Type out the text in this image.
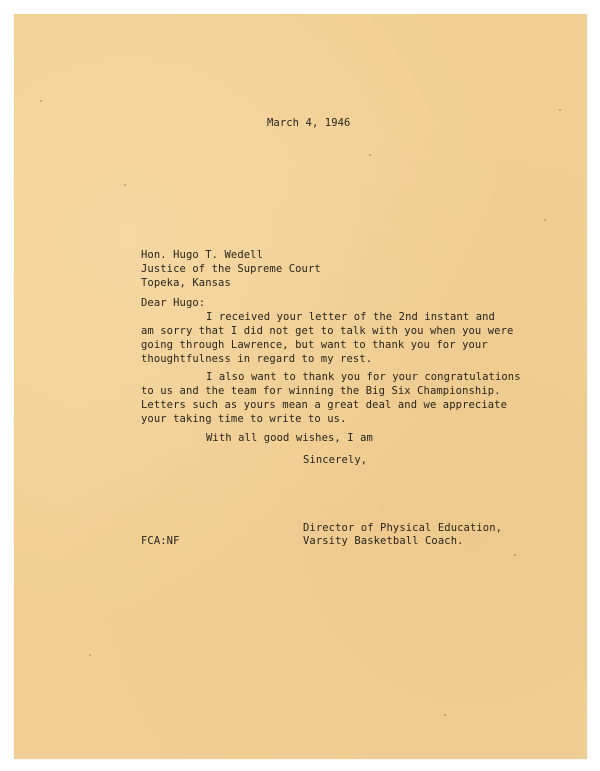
March 4, 1946
Hon. Hugo T. Wedell
Justice of the Supreme Court
Topeka, Kansas
Dear Hugo:
I received your letter of the 2nd instant and
am sorry that I did not get to talk with you when you were
going through Lawrence, but want to thank you for your
thoughtfulness in regard to my rest.
I also want to thank you for your congratulations
to us and the team for winning the Big Six Championship.
Letters such as yours mean a great deal and we appreciate
your taking time to write to us.
With all good wishes, I am
Sincerely,
Director of Physical Education,
Varsity Basketball Coach.
FCA:NF
